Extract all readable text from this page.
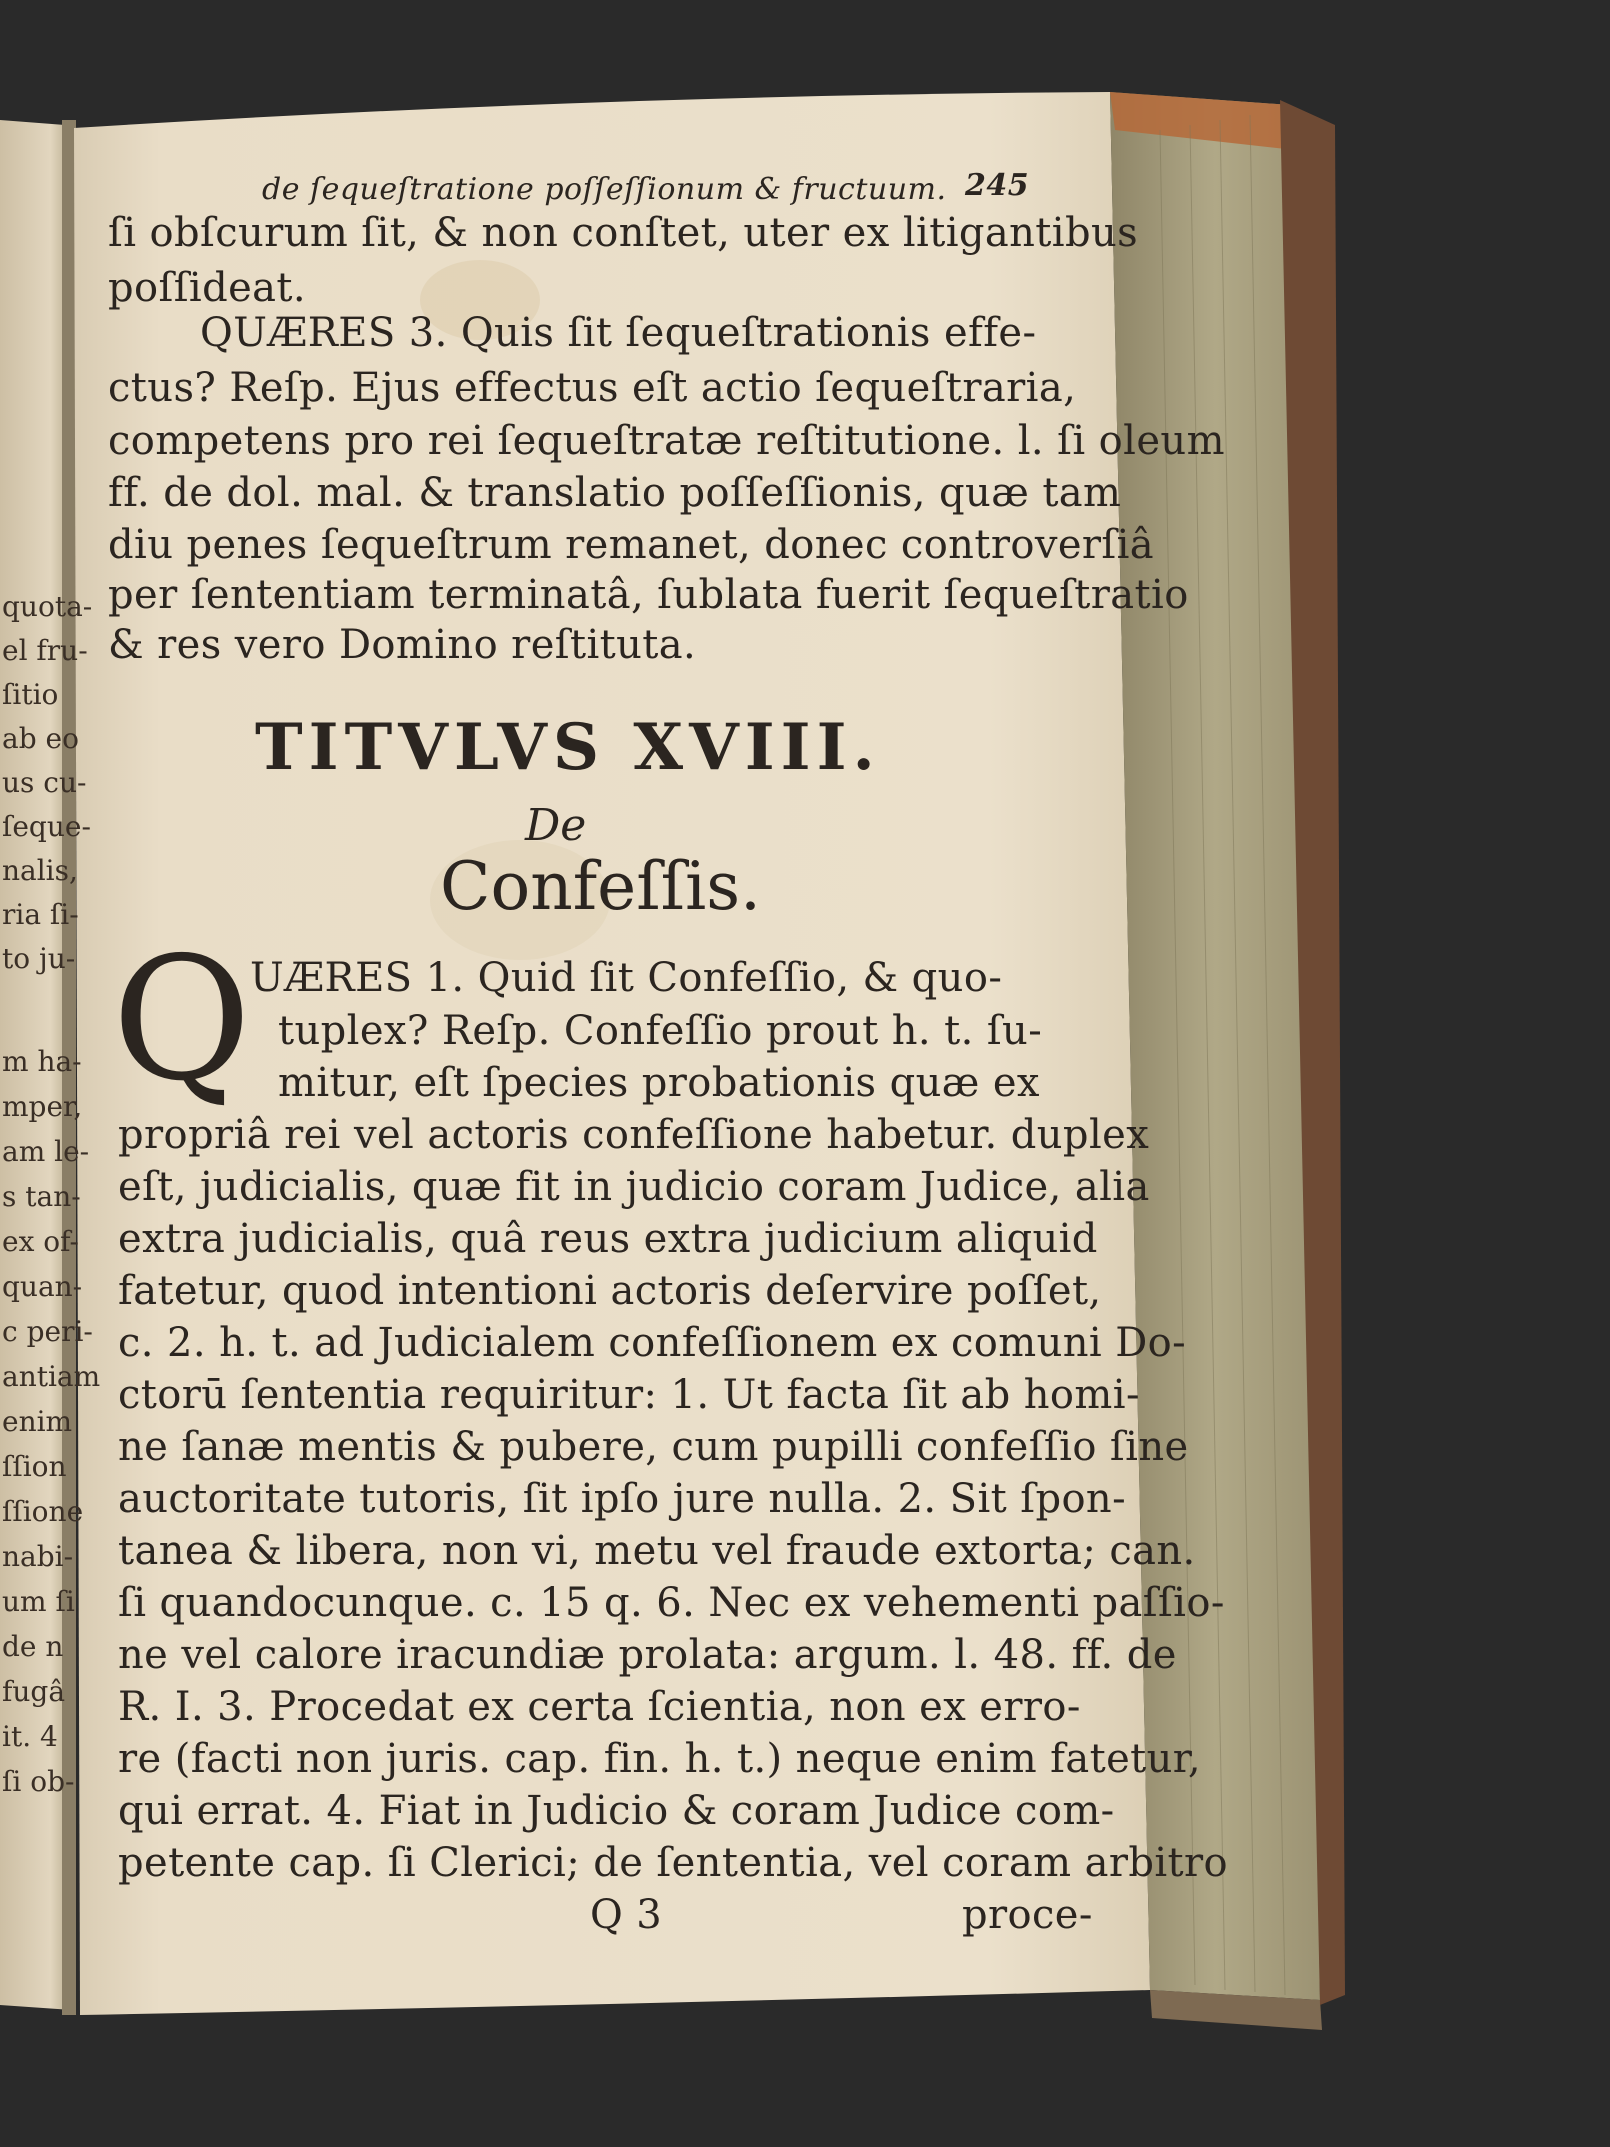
de ſequeſtratione poſſeſſionum & fructuum. 245
ſi obſcurum ſit, & non conſtet, uter ex litigantibus
poſſideat.
QUÆRES 3. Quis ſit ſequeſtrationis effe-
ctus? Reſp. Ejus effectus eſt actio ſequeſtraria,
competens pro rei ſequeſtratæ reſtitutione. l. ſi oleum
ff. de dol. mal. & translatio poſſeſſionis, quæ tam
diu penes ſequeſtrum remanet, donec controverſiâ
per ſententiam terminatâ, ſublata fuerit ſequeſtratio
& res vero Domino reſtituta.
TITVLVS XVIII.
De
Confeſſis.
Q
UÆRES 1. Quid ſit Confeſſio, & quo-
tuplex? Reſp. Confeſſio prout h. t. ſu-
mitur, eſt ſpecies probationis quæ ex
propriâ rei vel actoris confeſſione habetur. duplex
eſt, judicialis, quæ fit in judicio coram Judice, alia
extra judicialis, quâ reus extra judicium aliquid
fatetur, quod intentioni actoris deſervire poſſet,
c. 2. h. t. ad Judicialem confeſſionem ex comuni Do-
ctorū ſententia requiritur: 1. Ut facta ſit ab homi-
ne ſanæ mentis & pubere, cum pupilli confeſſio ſine
auctoritate tutoris, ſit ipſo jure nulla. 2. Sit ſpon-
tanea & libera, non vi, metu vel fraude extorta; can.
ſi quandocunque. c. 15 q. 6. Nec ex vehementi paſſio-
ne vel calore iracundiæ prolata: argum. l. 48. ff. de
R. I. 3. Procedat ex certa ſcientia, non ex erro-
re (facti non juris. cap. fin. h. t.) neque enim fatetur,
qui errat. 4. Fiat in Judicio & coram Judice com-
petente cap. ſi Clerici; de ſententia, vel coram arbitro
Q 3	proce-
quota-
el fru-
ſitio
ab eo
us cu-
ſeque-
nalis,
ria ſi-
to ju-
m ha-
mper,
am le-
s tan-
ex of-
quan-
c peri-
antiam
enim
ſſion
ſſione
nabi-
um ſi
de n
fugâ
it. 4
ſi ob-
